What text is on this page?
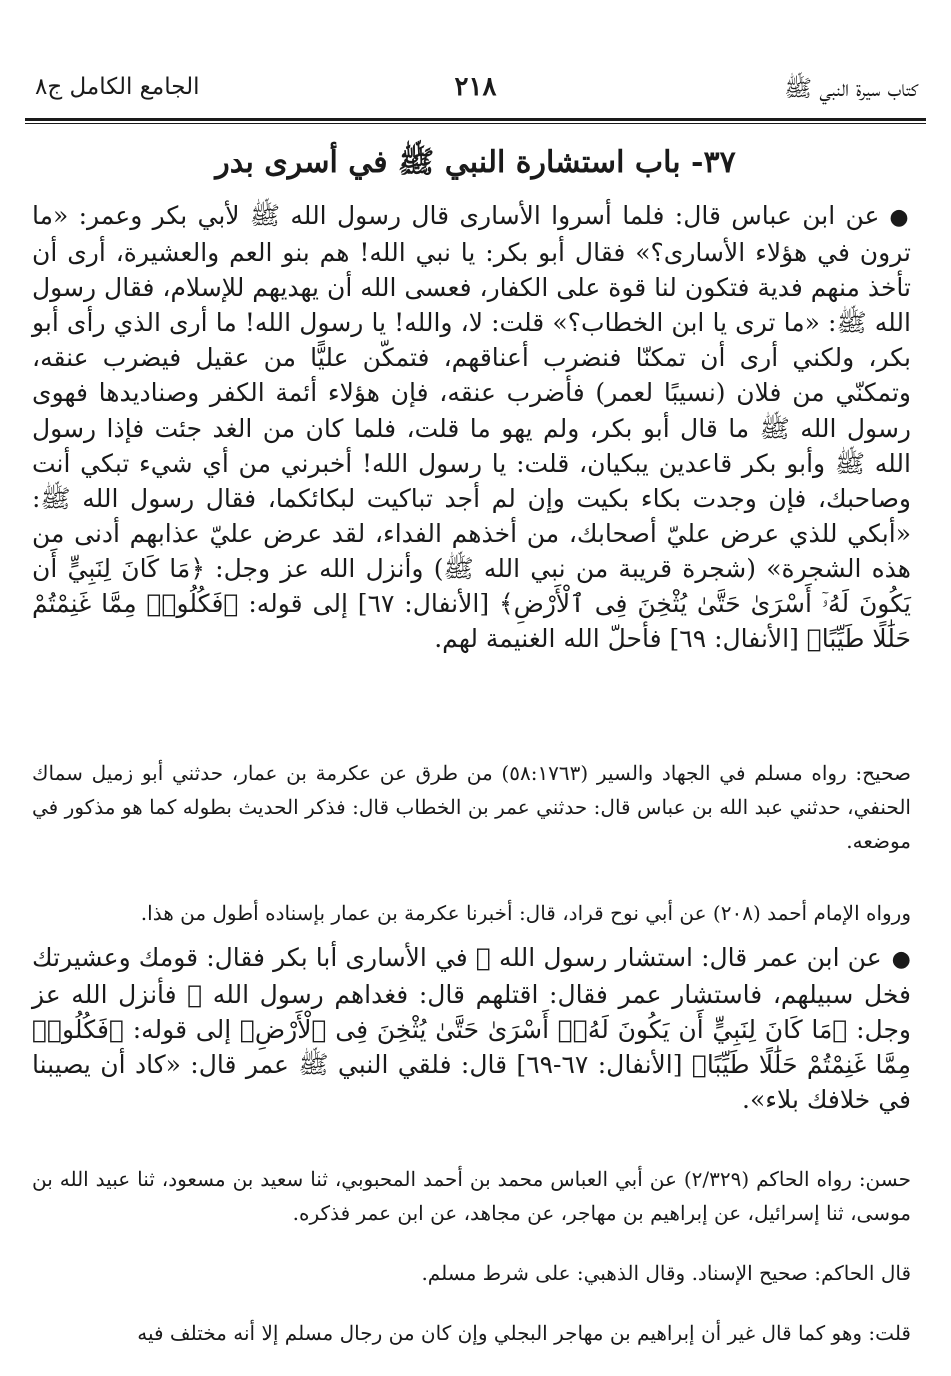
كتاب سيرة النبي ﷺ
٢١٨
الجامع الكامل ج٨
٣٧- باب استشارة النبي ﷺ في أسرى بدر
●عن ابن عباس قال: فلما أسروا الأسارى قال رسول الله ﷺ لأبي بكر وعمر: «ما ترون في هؤلاء الأسارى؟» فقال أبو بكر: يا نبي الله! هم بنو العم والعشيرة، أرى أن تأخذ منهم فدية فتكون لنا قوة على الكفار، فعسى الله أن يهديهم للإسلام، فقال رسول الله ﷺ: «ما ترى يا ابن الخطاب؟» قلت: لا، والله! يا رسول الله! ما أرى الذي رأى أبو بكر، ولكني أرى أن تمكنّا فنضرب أعناقهم، فتمكّن عليًّا من عقيل فيضرب عنقه، وتمكنّي من فلان (نسيبًا لعمر) فأضرب عنقه، فإن هؤلاء أئمة الكفر وصناديدها فهوى رسول الله ﷺ ما قال أبو بكر، ولم يهو ما قلت، فلما كان من الغد جئت فإذا رسول الله ﷺ وأبو بكر قاعدين يبكيان، قلت: يا رسول الله! أخبرني من أي شيء تبكي أنت وصاحبك، فإن وجدت بكاء بكيت وإن لم أجد تباكيت لبكائكما، فقال رسول الله ﷺ: «أبكي للذي عرض عليّ أصحابك، من أخذهم الفداء، لقد عرض عليّ عذابهم أدنى من هذه الشجرة» (شجرة قريبة من نبي الله ﷺ) وأنزل الله عز وجل: ﴿مَا كَانَ لِنَبِيٍّ أَن يَكُونَ لَهُۥٓ أَسْرَىٰ حَتَّىٰ يُثْخِنَ فِى ٱلْأَرْضِ﴾ [الأنفال: ٦٧] إلى قوله: ﴿فَكُلُوا۟ مِمَّا غَنِمْتُمْ حَلَٰلًا طَيِّبًا﴾ [الأنفال: ٦٩] فأحلّ الله الغنيمة لهم.
صحيح: رواه مسلم في الجهاد والسير (٥٨:١٧٦٣) من طرق عن عكرمة بن عمار، حدثني أبو زميل سماك الحنفي، حدثني عبد الله بن عباس قال: حدثني عمر بن الخطاب قال: فذكر الحديث بطوله كما هو مذكور في موضعه.
ورواه الإمام أحمد (٢٠٨) عن أبي نوح قراد، قال: أخبرنا عكرمة بن عمار بإسناده أطول من هذا.
●عن ابن عمر قال: استشار رسول الله ﷺ في الأسارى أبا بكر فقال: قومك وعشيرتك فخل سبيلهم، فاستشار عمر فقال: اقتلهم قال: فغداهم رسول الله ﷺ فأنزل الله عز وجل: ﴿مَا كَانَ لِنَبِيٍّ أَن يَكُونَ لَهُۥٓ أَسْرَىٰ حَتَّىٰ يُثْخِنَ فِى ٱلْأَرْضِ﴾ إلى قوله: ﴿فَكُلُوا۟ مِمَّا غَنِمْتُمْ حَلَٰلًا طَيِّبًا﴾ [الأنفال: ٦٧-٦٩] قال: فلقي النبي ﷺ عمر قال: «كاد أن يصيبنا في خلافك بلاء».
حسن: رواه الحاكم (٢/٣٢٩) عن أبي العباس محمد بن أحمد المحبوبي، ثنا سعيد بن مسعود، ثنا عبيد الله بن موسى، ثنا إسرائيل، عن إبراهيم بن مهاجر، عن مجاهد، عن ابن عمر فذكره.
قال الحاكم: صحيح الإسناد. وقال الذهبي: على شرط مسلم.
قلت: وهو كما قال غير أن إبراهيم بن مهاجر البجلي وإن كان من رجال مسلم إلا أنه مختلف فيه
